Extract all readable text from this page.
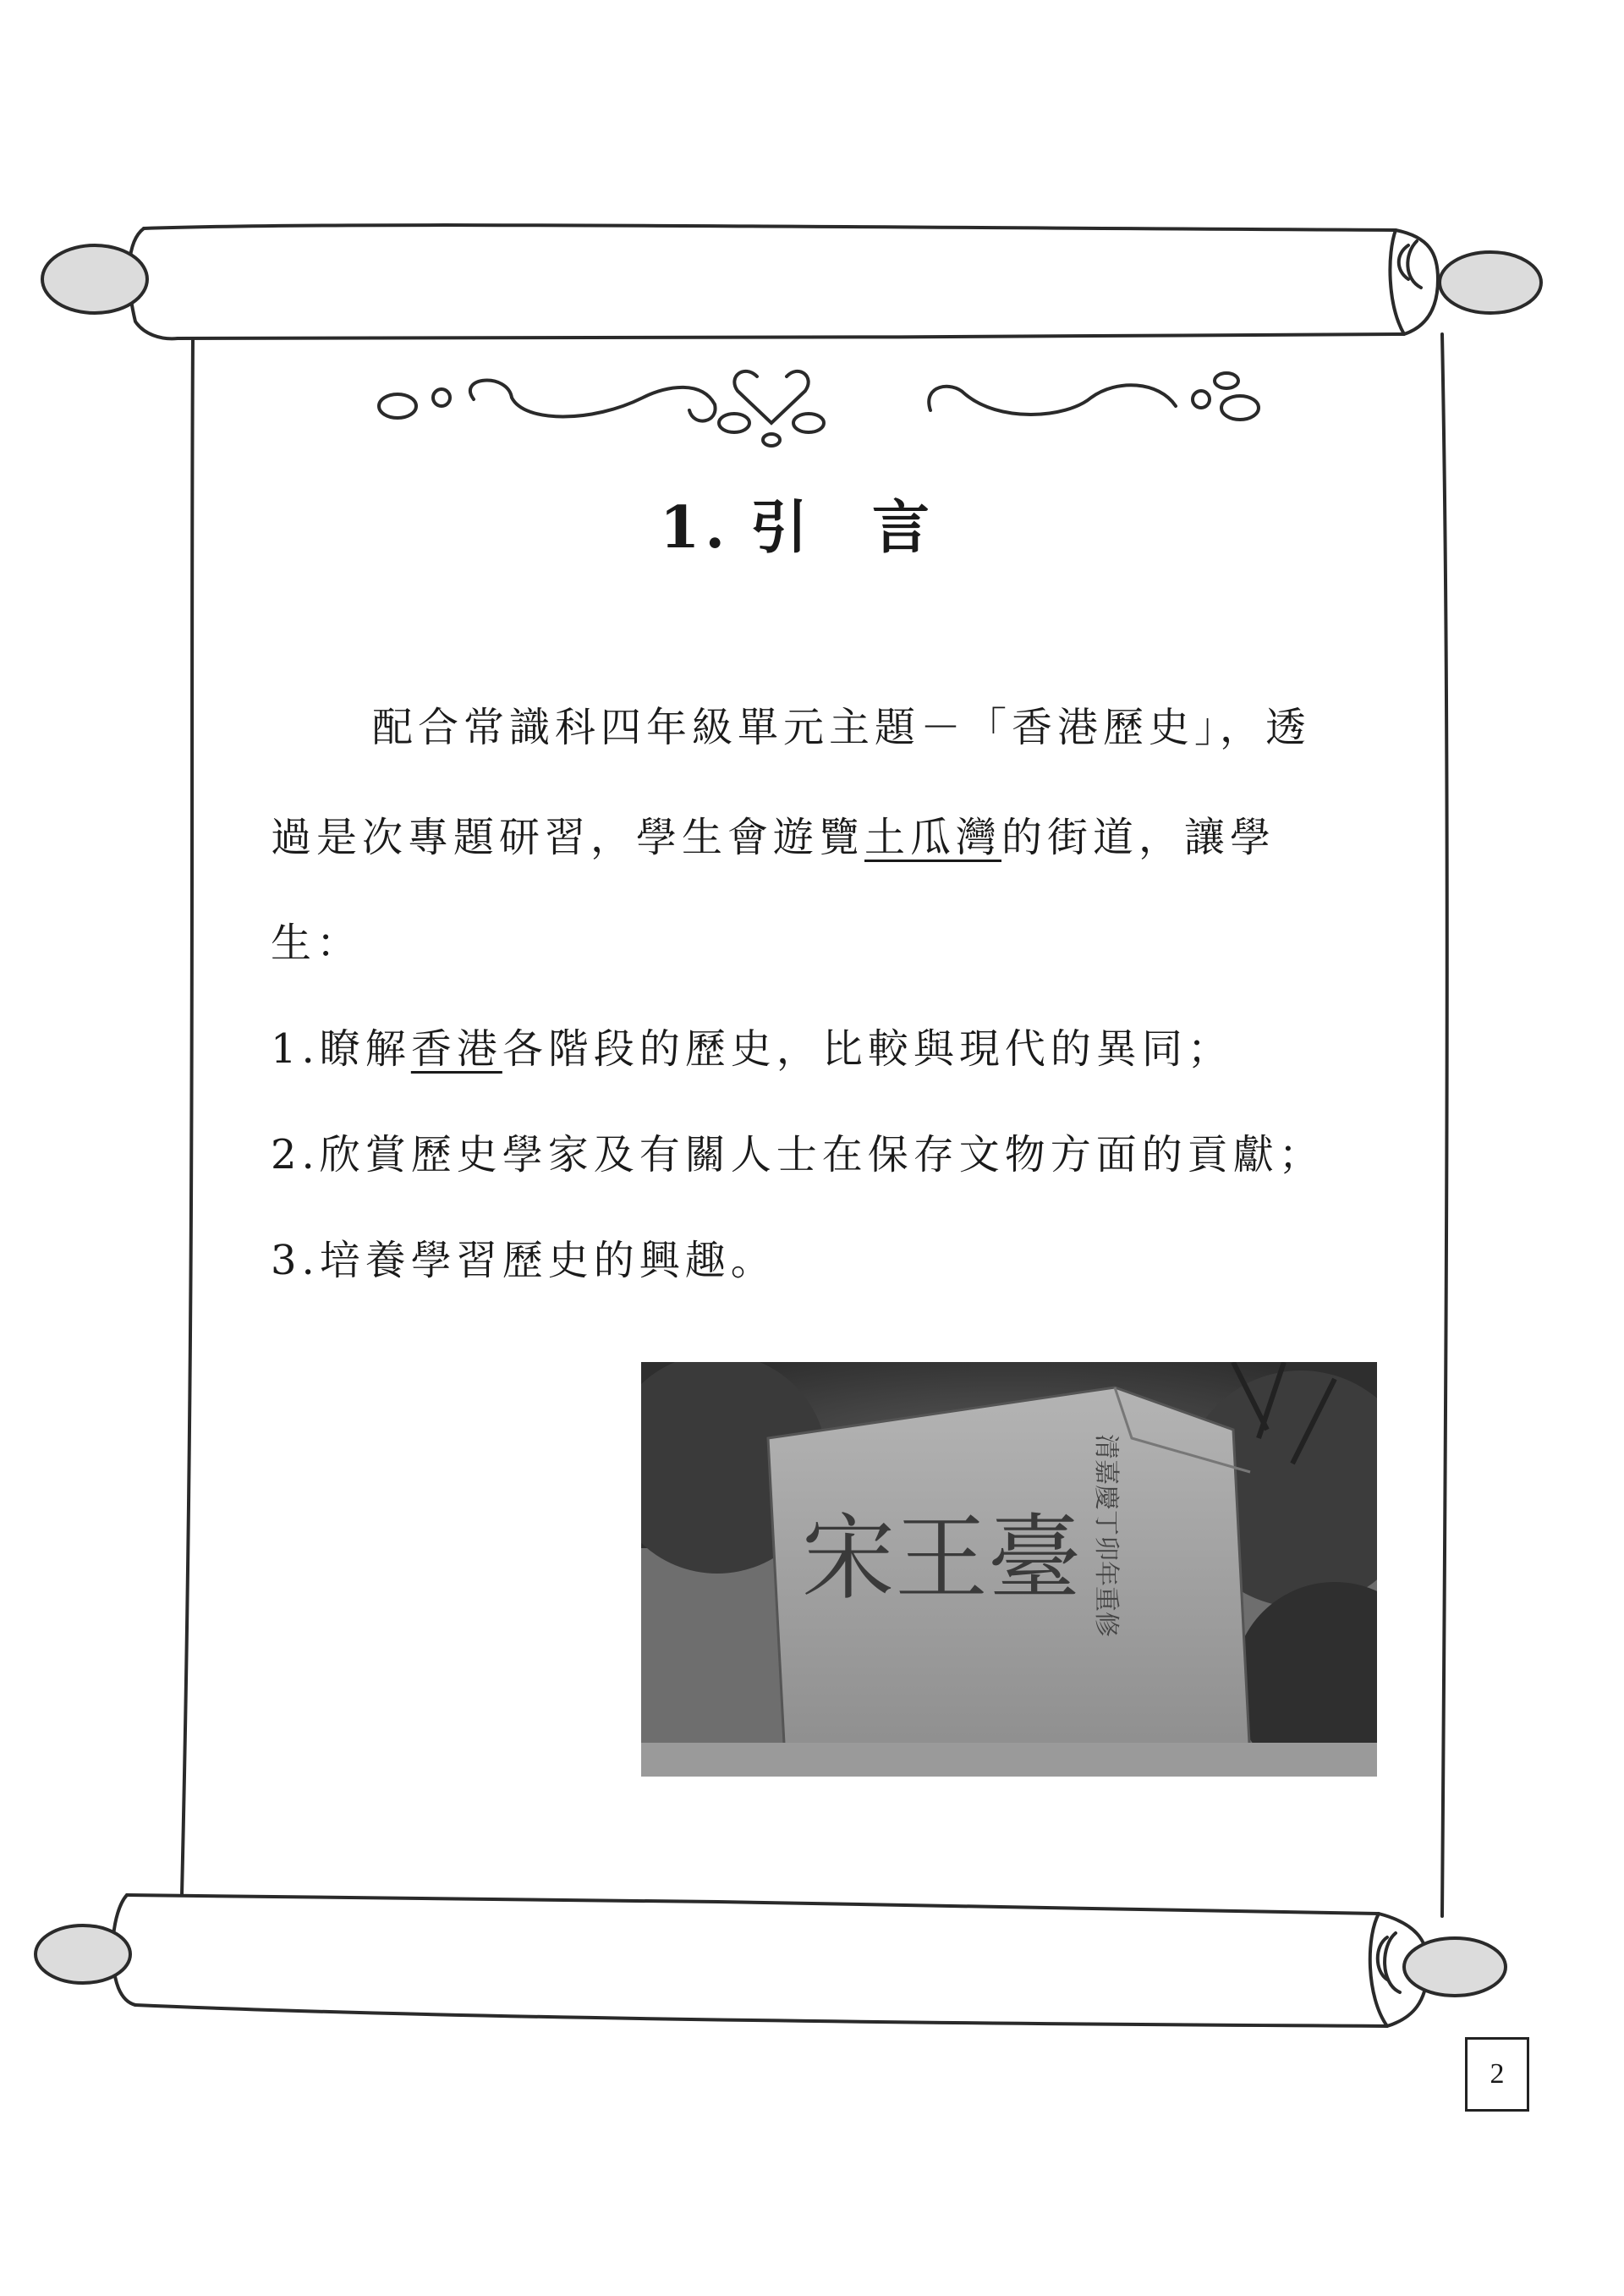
1. 引 言
配合常識科四年級單元主題－「香港歷史」，透
過是次專題研習，學生會遊覽土瓜灣的街道，讓學
生：
1.瞭解香港各階段的歷史，比較與現代的異同；
2.欣賞歷史學家及有關人士在保存文物方面的貢獻；
3.培養學習歷史的興趣。
宋王臺 清嘉慶丁卯年重修
2
